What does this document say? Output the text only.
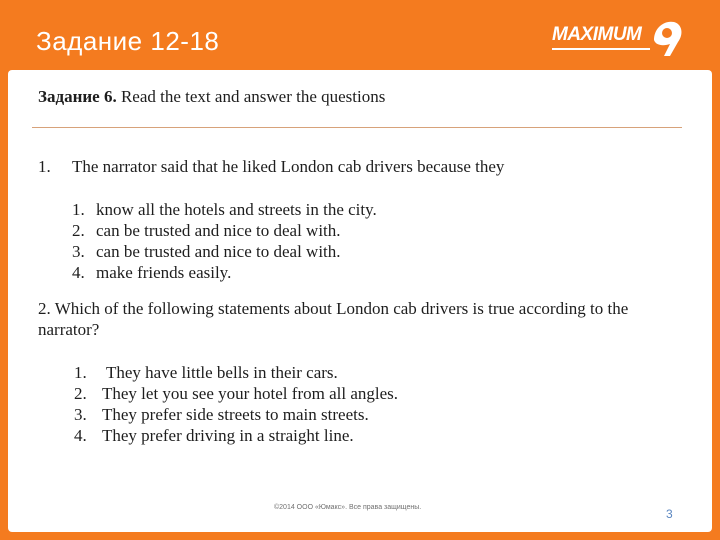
Задание 12-18	MAXIMUM
Задание 6. Read the text and answer the questions
1. The narrator said that he liked London cab drivers because they
1. know all the hotels and streets in the city.
2. can be trusted and nice to deal with.
3. can be trusted and nice to deal with.
4. make friends easily.
2. Which of the following statements about London cab drivers is true according to the narrator?
1. They have little bells in their cars.
2. They let you see your hotel from all angles.
3. They prefer side streets to main streets.
4. They prefer driving in a straight line.
©2014 ООО «Юмакс». Все права защищены.	3
